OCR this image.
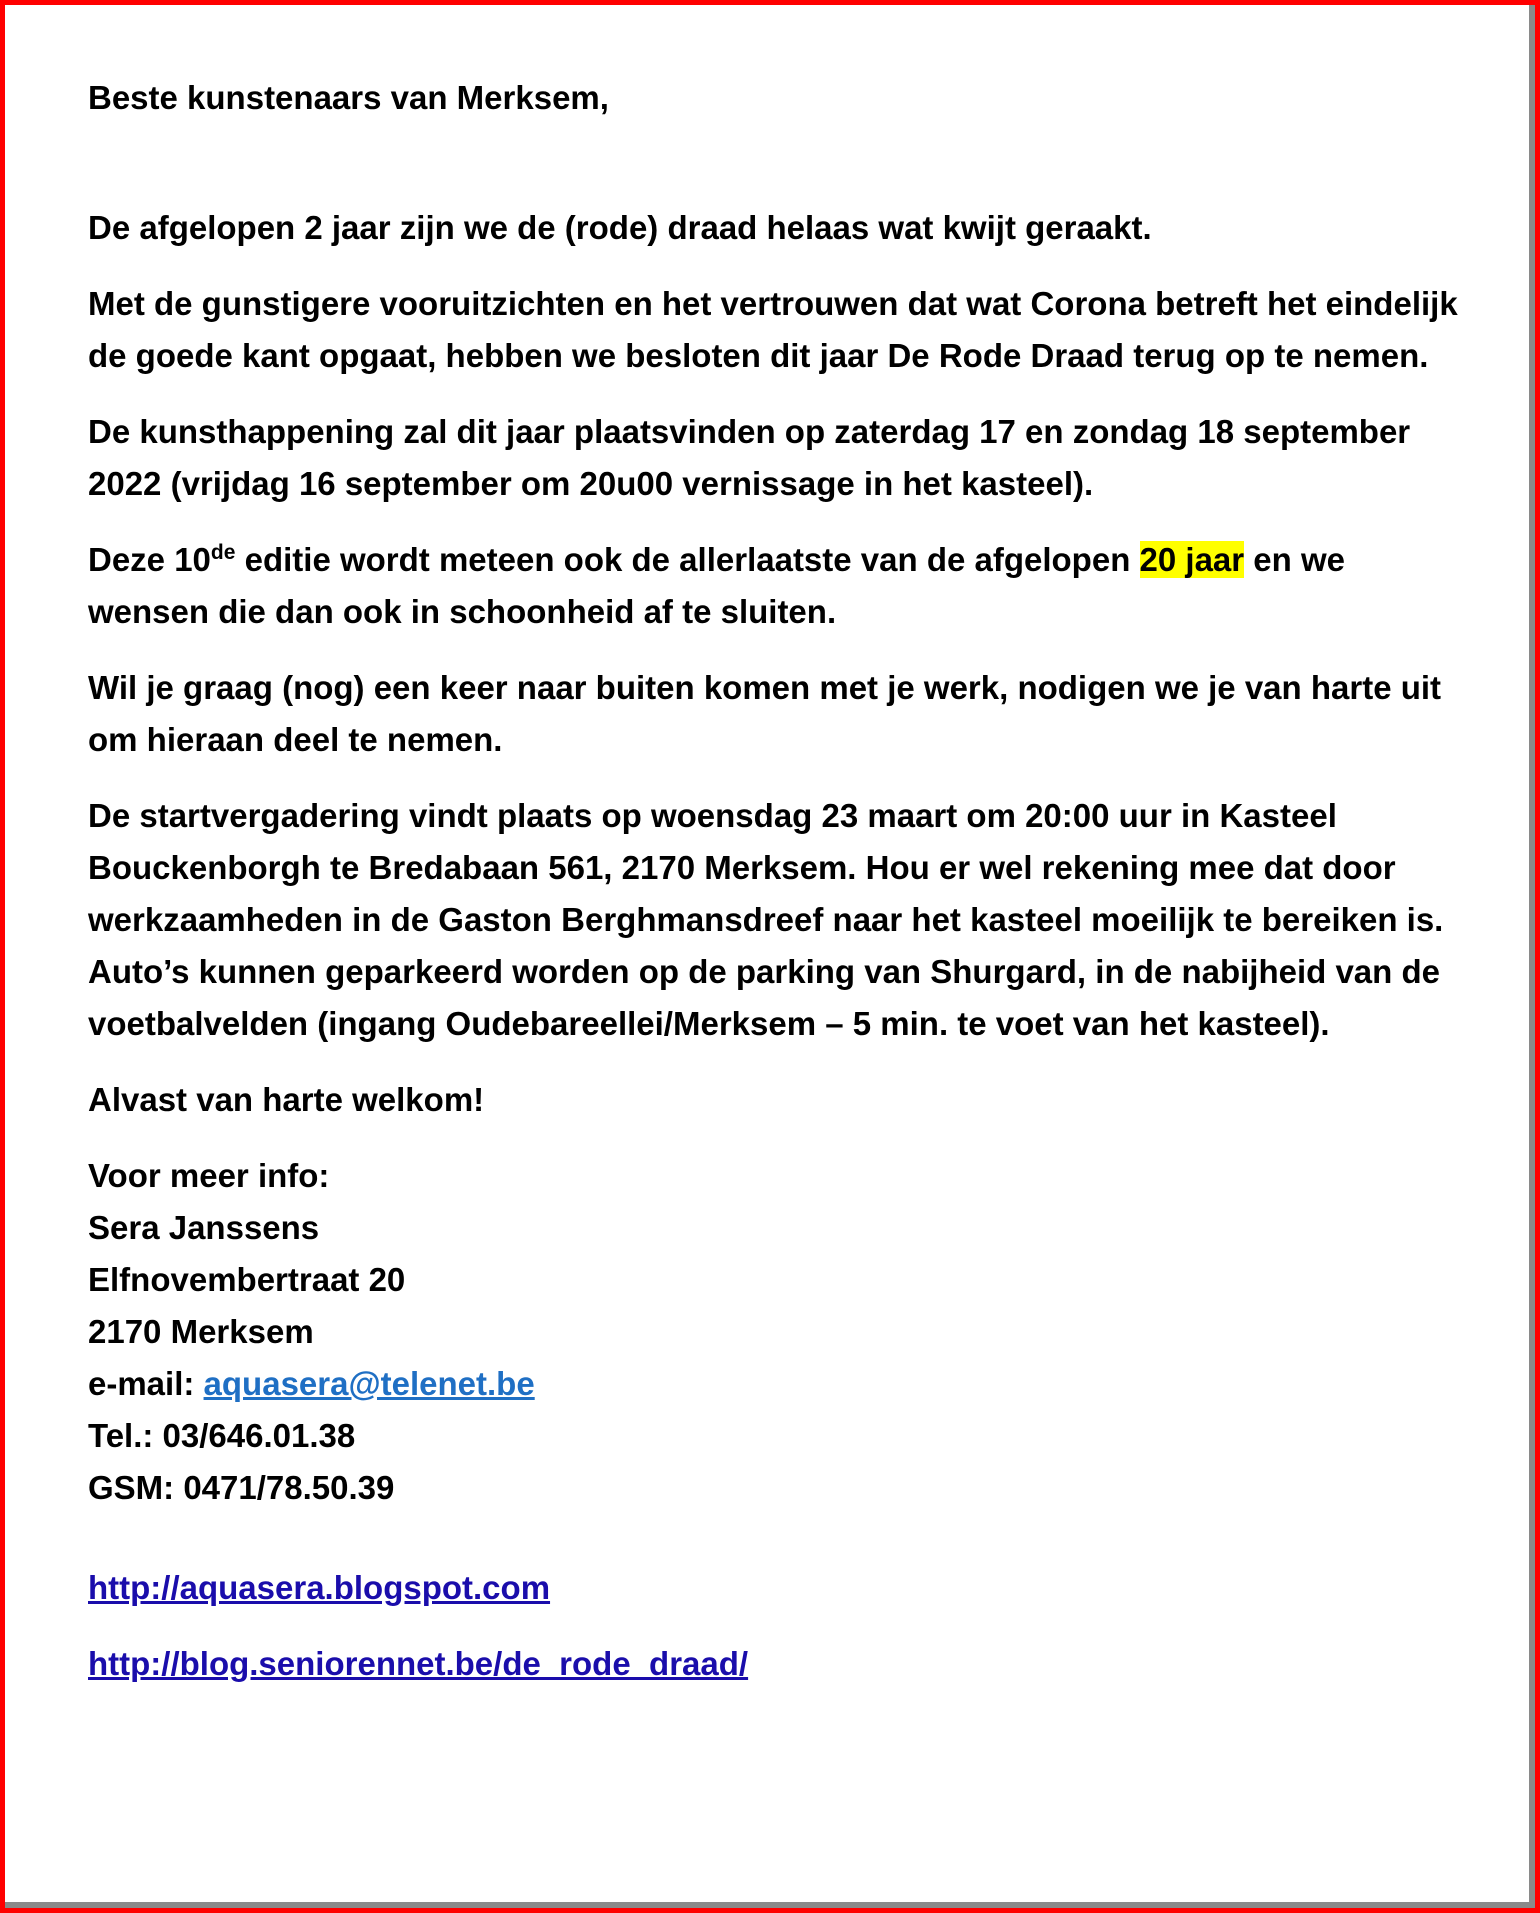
Beste kunstenaars van Merksem,

De afgelopen 2 jaar zijn we de (rode) draad helaas wat kwijt geraakt.

Met de gunstigere vooruitzichten en het vertrouwen dat wat Corona betreft het eindelijk de goede kant opgaat, hebben we besloten dit jaar De Rode Draad terug op te nemen.

De kunsthappening zal dit jaar plaatsvinden op zaterdag 17 en zondag 18 september 2022 (vrijdag 16 september om 20u00 vernissage in het kasteel).

Deze 10de editie wordt meteen ook de allerlaatste van de afgelopen 20 jaar en we wensen die dan ook in schoonheid af te sluiten.

Wil je graag (nog) een keer naar buiten komen met je werk, nodigen we je van harte uit om hieraan deel te nemen.

De startvergadering vindt plaats op woensdag 23 maart om 20:00 uur in Kasteel Bouckenborgh te Bredabaan 561, 2170 Merksem. Hou er wel rekening mee dat door werkzaamheden in de Gaston Berghmansdreef naar het kasteel moeilijk te bereiken is. Auto’s kunnen geparkeerd worden op de parking van Shurgard, in de nabijheid van de voetbalvelden (ingang Oudebareellei/Merksem – 5 min. te voet van het kasteel).

Alvast van harte welkom!

Voor meer info:
Sera Janssens
Elfnovembertraat 20
2170 Merksem
e-mail: aquasera@telenet.be
Tel.: 03/646.01.38
GSM: 0471/78.50.39
http://aquasera.blogspot.com
http://blog.seniorennet.be/de_rode_draad/
